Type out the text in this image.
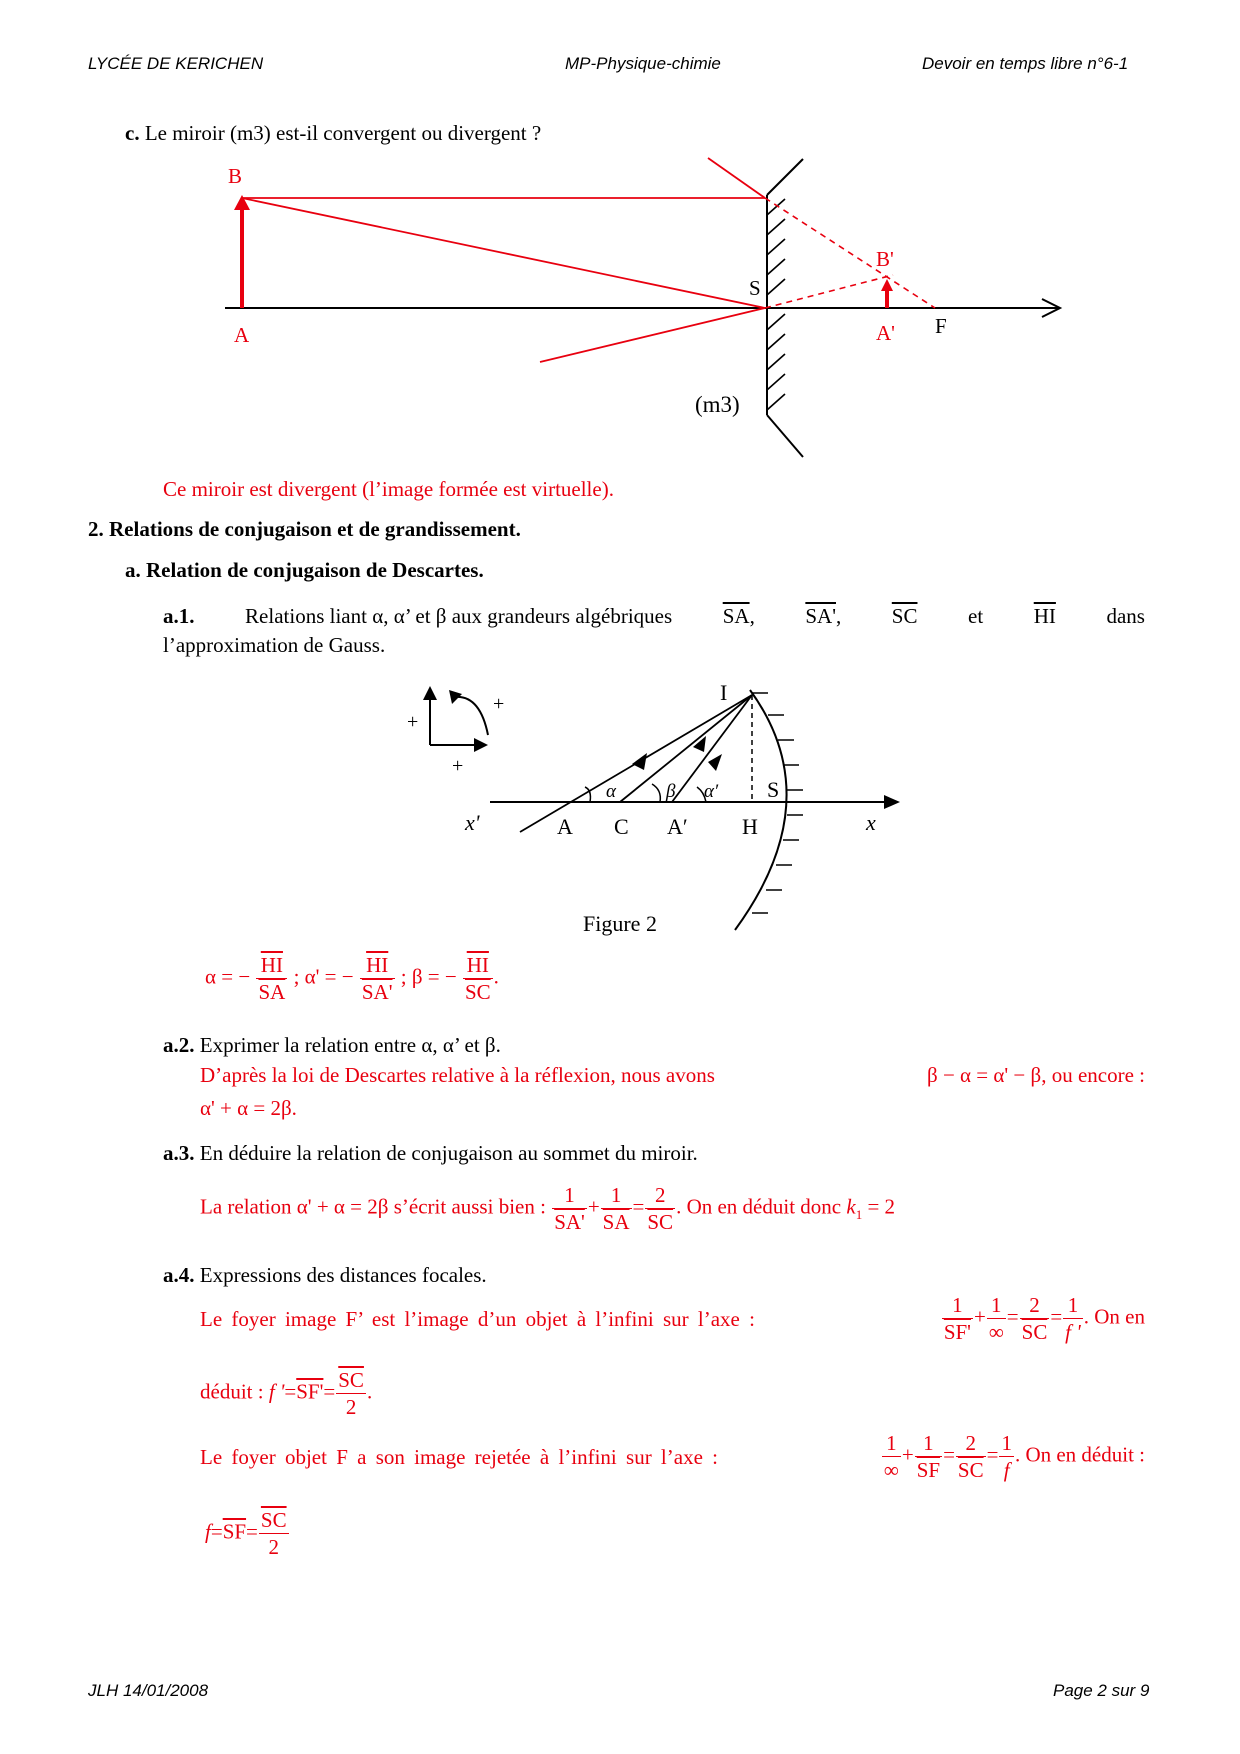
LYCÉE DE KERICHEN	MP-Physique-chimie	Devoir en temps libre n°6-1
c. Le miroir (m3) est-il convergent ou divergent ?
B
A
S
B'
A' F
(m3)
Ce miroir est divergent (l’image formée est virtuelle).
2. Relations de conjugaison et de grandissement.
a. Relation de conjugaison de Descartes.
a.1. Relations liant α, α’ et β aux grandeurs algébriques $\overline{SA}$, SA', $\overline{SC}$ et $\overline{HI}$ dans
l’approximation de Gauss.
+
+
+
I
S
x'	A C A′ H	x
α	β α′
Figure 2
α = − $\frac{\overline{HI}}{SA}$ ; α' = − $\frac{\overline{HI}}{SA'}$ ; β = − $\frac{\overline{HI}}{SC}$ .
a.2. Exprimer la relation entre α, α’ et β.
D’après la loi de Descartes relative à la réflexion, nous avons	β − α = α' − β, ou encore :
α' + α = 2β.
a.3. En déduire la relation de conjugaison au sommet du miroir.
La relation α' + α = 2β s’écrit aussi bien : $\frac{1}{SA'} + \frac{1}{SA} = \frac{2}{SC}$ . On en déduit donc $k_1 = 2$
a.4. Expressions des distances focales.
Le foyer image F’ est l’image d’un objet à l’infini sur l’axe :	$\frac{1}{SF'} + \frac{1}{\infty} = \frac{2}{SC} = \frac{1}{f '}$ . On en
déduit : f '$=SF'= \frac{\overline{SC}}{2}$ .
Le foyer objet F a son image rejetée à l’infini sur l’axe :	$\frac{1}{\infty} + \frac{1}{SF} = \frac{2}{SC} = \frac{1}{f}$ . On en déduit :
$f=\overline{SF}= \frac{\overline{SC}}{2}$
JLH 14/01/2008	Page 2 sur 9
